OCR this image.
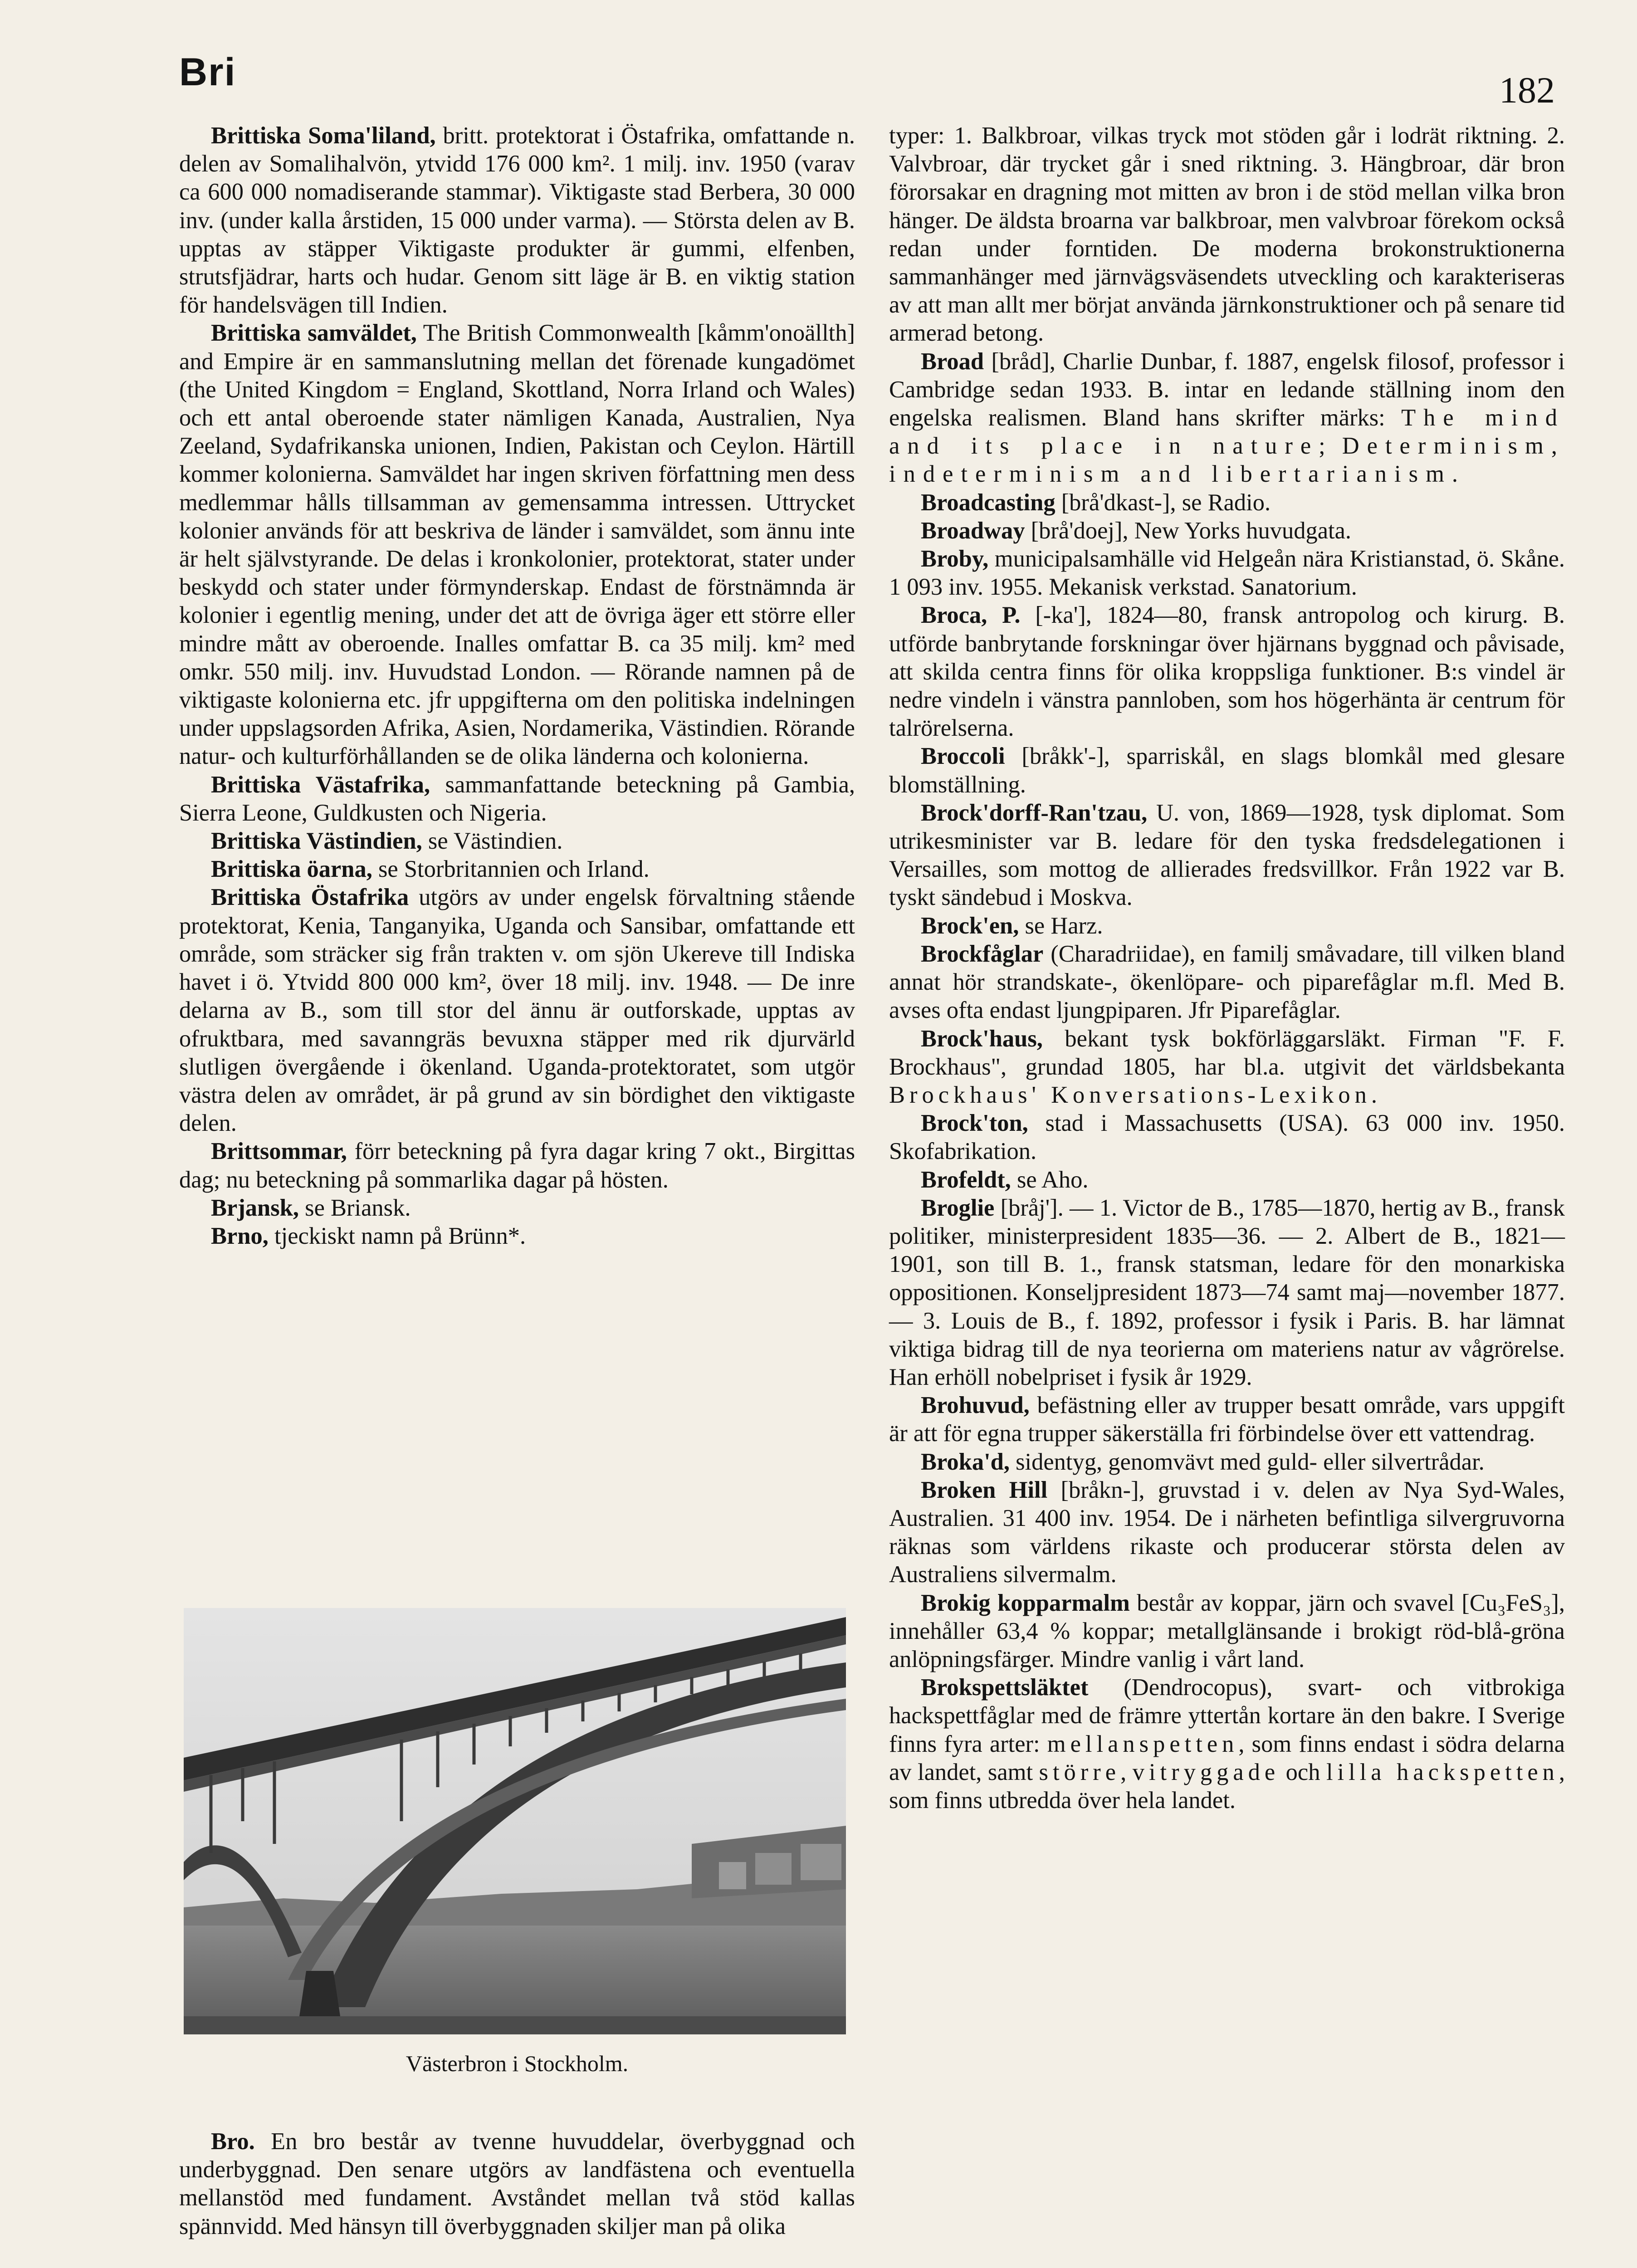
Bri	182

Brittiska Soma'liland, britt. protektorat i Östafrika, omfattande n. delen av Somalihalvön, ytvidd 176 000 km². 1 milj. inv. 1950 (varav ca 600 000 nomadiserande stammar). Viktigaste stad Berbera, 30 000 inv. (under kalla årstiden, 15 000 under varma). — Största delen av B. upptas av stäpper Viktigaste produkter är gummi, elfenben, strutsfjädrar, harts och hudar. Genom sitt läge är B. en viktig station för handelsvägen till Indien.

Brittiska samväldet, The British Commonwealth [kåmm'onoällth] and Empire är en sammanslutning mellan det förenade kungadömet (the United Kingdom = England, Skottland, Norra Irland och Wales) och ett antal oberoende stater nämligen Kanada, Australien, Nya Zeeland, Sydafrikanska unionen, Indien, Pakistan och Ceylon. Härtill kommer kolonierna. Samväldet har ingen skriven författning men dess medlemmar hålls tillsamman av gemensamma intressen. Uttrycket kolonier används för att beskriva de länder i samväldet, som ännu inte är helt självstyrande. De delas i kronkolonier, protektorat, stater under beskydd och stater under förmynderskap. Endast de förstnämnda är kolonier i egentlig mening, under det att de övriga äger ett större eller mindre mått av oberoende. Inalles omfattar B. ca 35 milj. km² med omkr. 550 milj. inv. Huvudstad London. — Rörande namnen på de viktigaste kolonierna etc. jfr uppgifterna om den politiska indelningen under uppslagsorden Afrika, Asien, Nordamerika, Västindien. Rörande natur- och kulturförhållanden se de olika länderna och kolonierna.

Brittiska Västafrika, sammanfattande beteckning på Gambia, Sierra Leone, Guldkusten och Nigeria.

Brittiska Västindien, se Västindien.

Brittiska öarna, se Storbritannien och Irland.

Brittiska Östafrika utgörs av under engelsk förvaltning stående protektorat, Kenia, Tanganyika, Uganda och Sansibar, omfattande ett område, som sträcker sig från trakten v. om sjön Ukereve till Indiska havet i ö. Ytvidd 800 000 km², över 18 milj. inv. 1948. — De inre delarna av B., som till stor del ännu är outforskade, upptas av ofruktbara, med savanngräs bevuxna stäpper med rik djurvärld slutligen övergående i ökenland. Uganda-protektoratet, som utgör västra delen av området, är på grund av sin bördighet den viktigaste delen.

Brittsommar, förr beteckning på fyra dagar kring 7 okt., Birgittas dag; nu beteckning på sommarlika dagar på hösten.

Brjansk, se Briansk.

Brno, tjeckiskt namn på Brünn*.

Västerbron i Stockholm.

Bro. En bro består av tvenne huvuddelar, överbyggnad och underbyggnad. Den senare utgörs av landfästena och eventuella mellanstöd med fundament. Avståndet mellan två stöd kallas spännvidd. Med hänsyn till överbyggnaden skiljer man på olika

typer: 1. Balkbroar, vilkas tryck mot stöden går i lodrät riktning. 2. Valvbroar, där trycket går i sned riktning. 3. Hängbroar, där bron förorsakar en dragning mot mitten av bron i de stöd mellan vilka bron hänger. De äldsta broarna var balkbroar, men valvbroar förekom också redan under forntiden. De moderna brokonstruktionerna sammanhänger med järnvägsväsendets utveckling och karakteriseras av att man allt mer börjat använda järnkonstruktioner och på senare tid armerad betong.

Broad [bråd], Charlie Dunbar, f. 1887, engelsk filosof, professor i Cambridge sedan 1933. B. intar en ledande ställning inom den engelska realismen. Bland hans skrifter märks: The mind and its place in nature; Determinism, indeterminism and libertarianism.

Broadcasting [brå'dkast-], se Radio.

Broadway [brå'doej], New Yorks huvudgata.

Broby, municipalsamhälle vid Helgeån nära Kristianstad, ö. Skåne. 1 093 inv. 1955. Mekanisk verkstad. Sanatorium.

Broca, P. [-ka'], 1824—80, fransk antropolog och kirurg. B. utförde banbrytande forskningar över hjärnans byggnad och påvisade, att skilda centra finns för olika kroppsliga funktioner. B:s vindel är nedre vindeln i vänstra pannloben, som hos högerhänta är centrum för talrörelserna.

Broccoli [bråkk'-], sparriskål, en slags blomkål med glesare blomställning.

Brock'dorff-Ran'tzau, U. von, 1869—1928, tysk diplomat. Som utrikesminister var B. ledare för den tyska fredsdelegationen i Versailles, som mottog de allierades fredsvillkor. Från 1922 var B. tyskt sändebud i Moskva.

Brock'en, se Harz.

Brockfåglar (Charadriidae), en familj småvadare, till vilken bland annat hör strandskate-, ökenlöpare- och piparefåglar m.fl. Med B. avses ofta endast ljungpiparen. Jfr Piparefåglar.

Brock'haus, bekant tysk bokförläggarsläkt. Firman "F. F. Brockhaus", grundad 1805, har bl.a. utgivit det världsbekanta Brockhaus' Konversations-Lexikon.

Brock'ton, stad i Massachusetts (USA). 63 000 inv. 1950. Skofabrikation.

Brofeldt, se Aho.

Broglie [bråj']. — 1. Victor de B., 1785—1870, hertig av B., fransk politiker, ministerpresident 1835—36. — 2. Albert de B., 1821—1901, son till B. 1., fransk statsman, ledare för den monarkiska oppositionen. Konseljpresident 1873—74 samt maj—november 1877. — 3. Louis de B., f. 1892, professor i fysik i Paris. B. har lämnat viktiga bidrag till de nya teorierna om materiens natur av vågrörelse. Han erhöll nobelpriset i fysik år 1929.

Brohuvud, befästning eller av trupper besatt område, vars uppgift är att för egna trupper säkerställa fri förbindelse över ett vattendrag.

Broka'd, sidentyg, genomvävt med guld- eller silvertrådar.

Broken Hill [bråkn-], gruvstad i v. delen av Nya Syd-Wales, Australien. 31 400 inv. 1954. De i närheten befintliga silvergruvorna räknas som världens rikaste och producerar största delen av Australiens silvermalm.

Brokig kopparmalm består av koppar, järn och svavel [Cu₃FeS₃], innehåller 63,4 % koppar; metallglänsande i brokigt röd-blå-gröna anlöpningsfärger. Mindre vanlig i vårt land.

Brokspettsläktet (Dendrocopus), svart- och vitbrokiga hackspettfåglar med de främre yttertån kortare än den bakre. I Sverige finns fyra arter: mellanspetten, som finns endast i södra delarna av landet, samt större, vitryggade och lilla hackspetten, som finns utbredda över hela landet.
